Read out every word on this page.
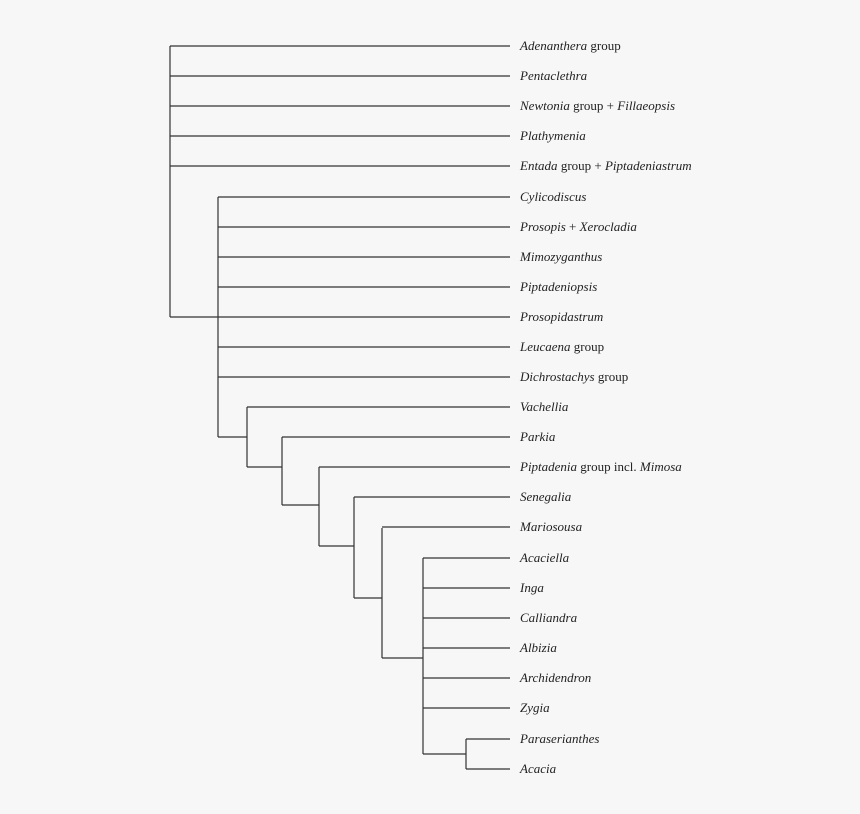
Adenanthera group
Pentaclethra
Newtonia group + Fillaeopsis
Plathymenia
Entada group + Piptadeniastrum
Cylicodiscus
Prosopis + Xerocladia
Mimozyganthus
Piptadeniopsis
Prosopidastrum
Leucaena group
Dichrostachys group
Vachellia
Parkia
Piptadenia group incl. Mimosa
Senegalia
Mariosousa
Acaciella
Inga
Calliandra
Albizia
Archidendron
Zygia
Paraserianthes
Acacia
